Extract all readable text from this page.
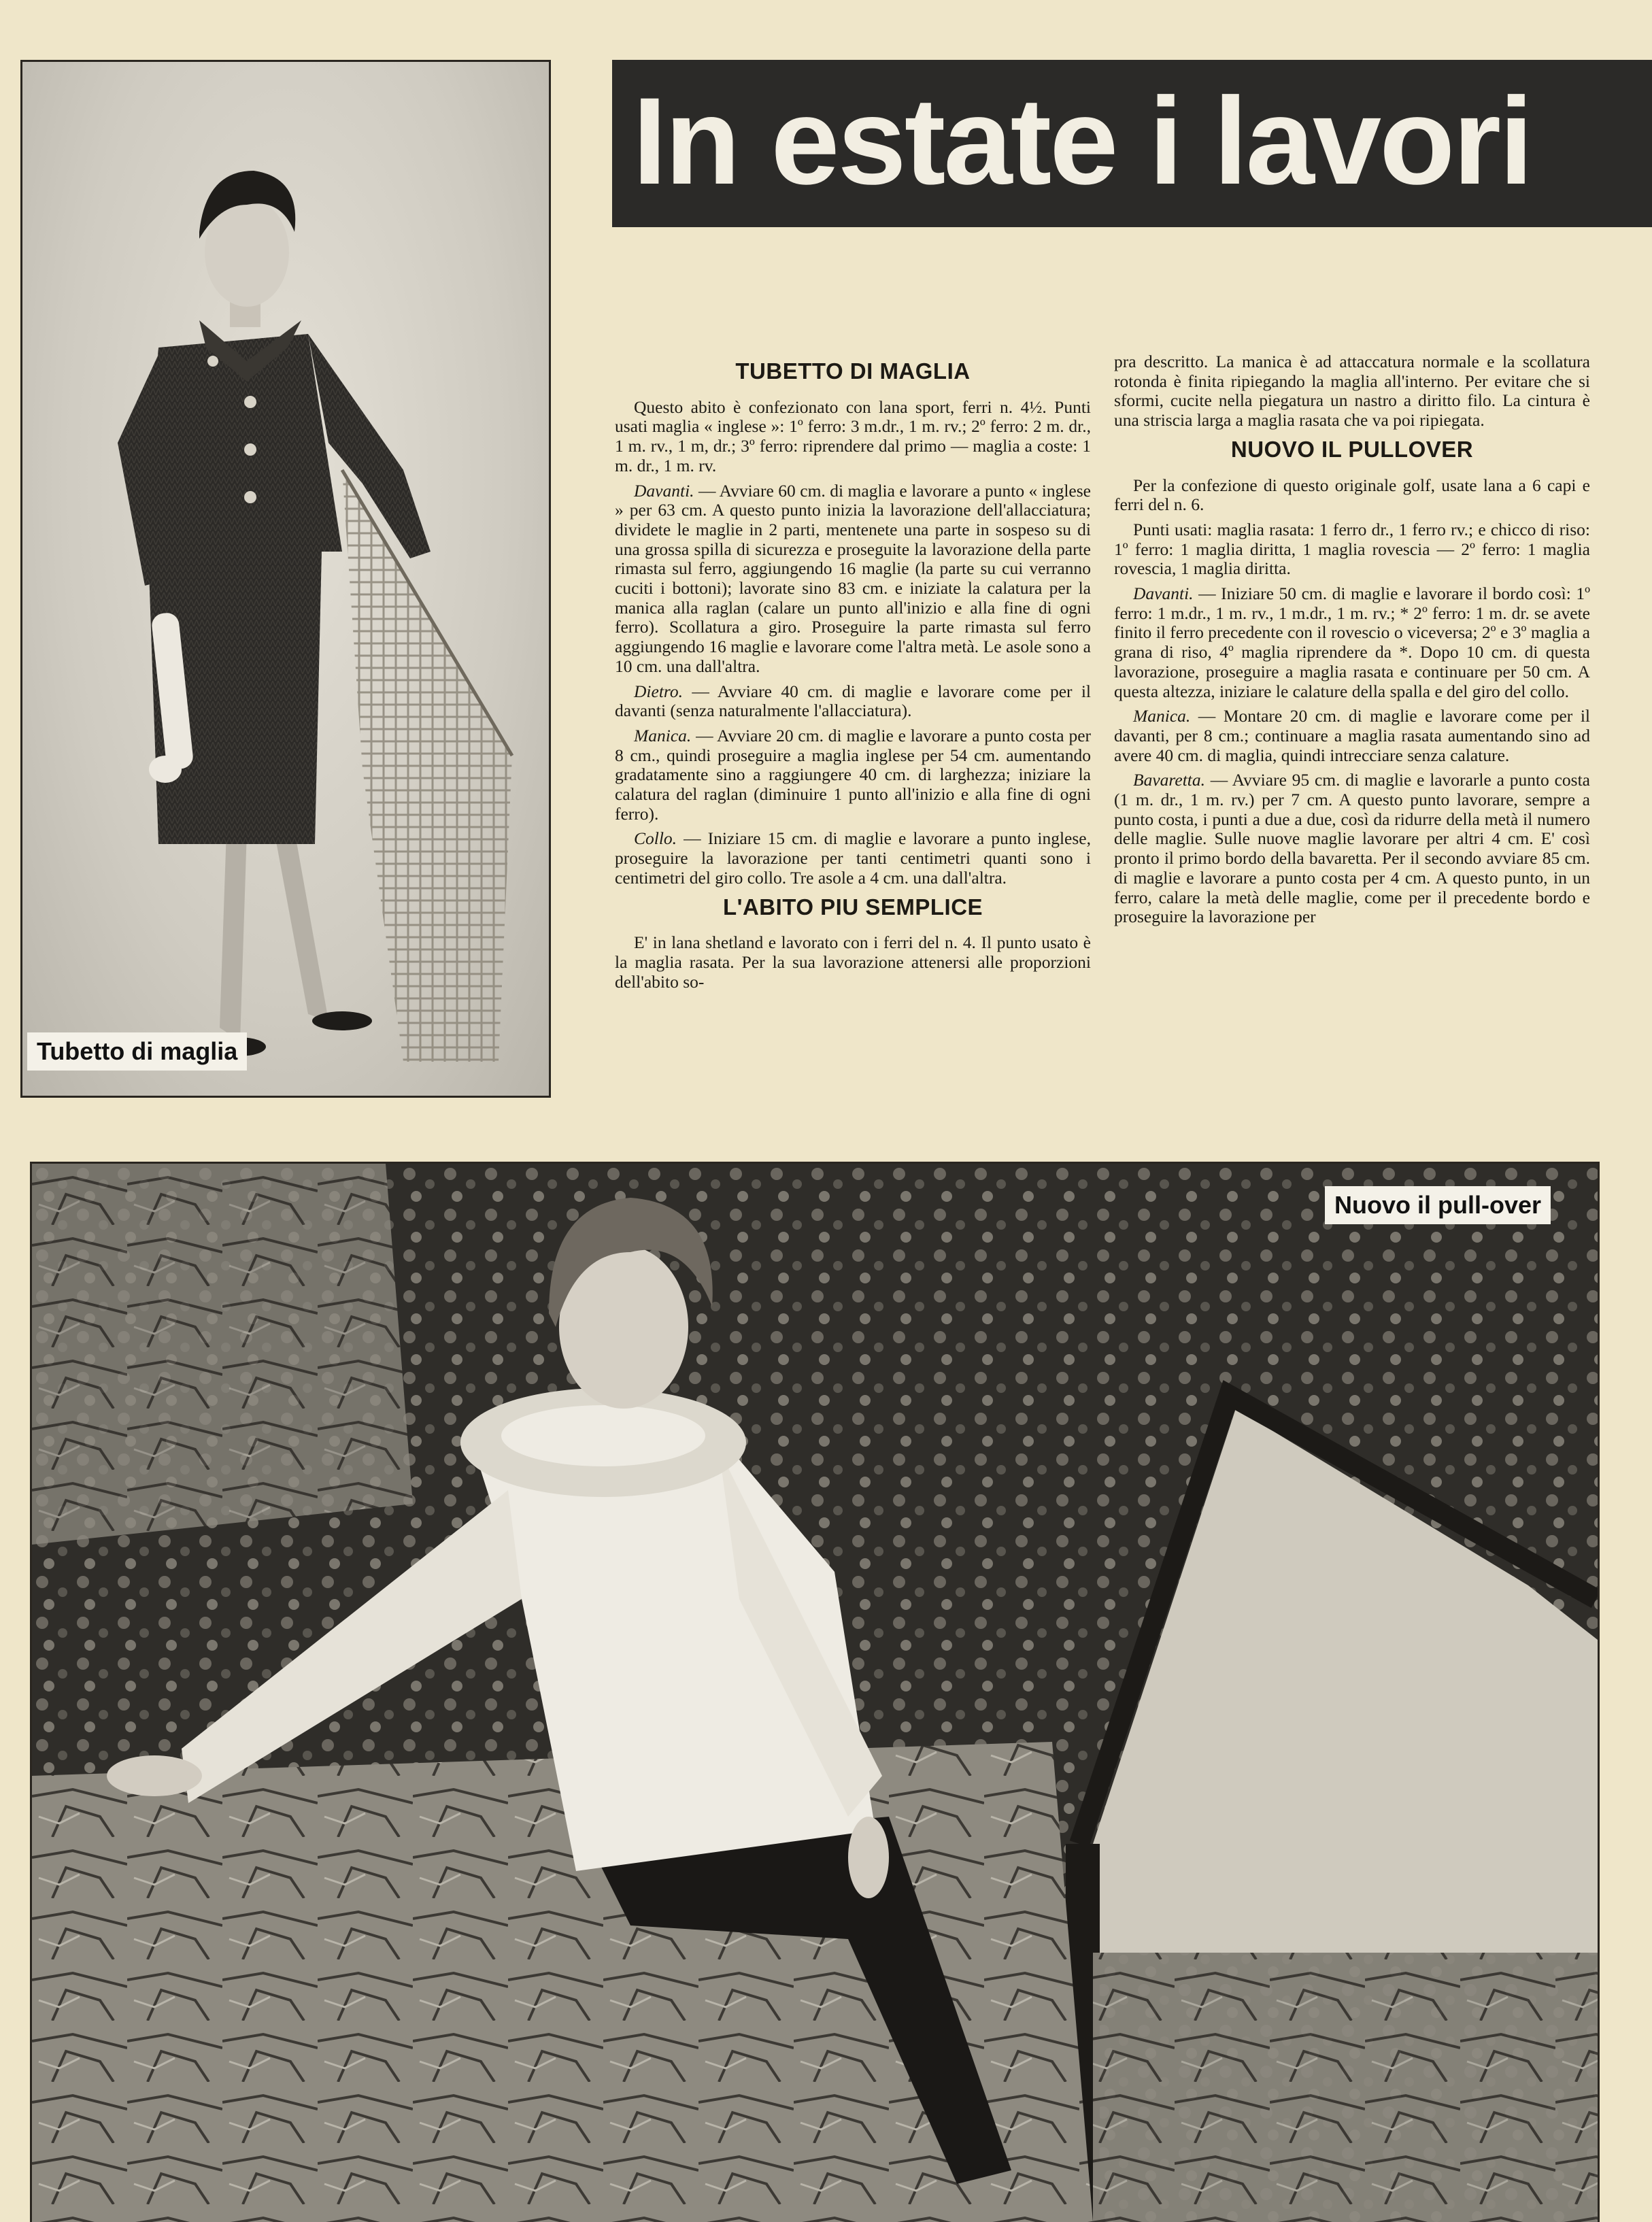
Tubetto di maglia
In estate i lavori
TUBETTO DI MAGLIA

Questo abito è confezionato con lana sport, ferri n. 4½. Punti usati maglia « inglese »: 1º ferro: 3 m.dr., 1 m. rv.; 2º ferro: 2 m. dr., 1 m. rv., 1 m, dr.; 3º ferro: riprendere dal primo — maglia a coste: 1 m. dr., 1 m. rv.

Davanti. — Avviare 60 cm. di maglia e lavorare a punto « inglese » per 63 cm. A questo punto inizia la lavorazione dell'allacciatura; dividete le maglie in 2 parti, mentenete una parte in sospeso su di una grossa spilla di sicurezza e proseguite la lavorazione della parte rimasta sul ferro, aggiungendo 16 maglie (la parte su cui verranno cuciti i bottoni); lavorate sino 83 cm. e iniziate la calatura per la manica alla raglan (calare un punto all'inizio e alla fine di ogni ferro). Scollatura a giro. Proseguire la parte rimasta sul ferro aggiungendo 16 maglie e lavorare come l'altra metà. Le asole sono a 10 cm. una dall'altra.

Dietro. — Avviare 40 cm. di maglie e lavorare come per il davanti (senza naturalmente l'allacciatura).

Manica. — Avviare 20 cm. di maglie e lavorare a punto costa per 8 cm., quindi proseguire a maglia inglese per 54 cm. aumentando gradatamente sino a raggiungere 40 cm. di larghezza; iniziare la calatura del raglan (diminuire 1 punto all'inizio e alla fine di ogni ferro).

Collo. — Iniziare 15 cm. di maglie e lavorare a punto inglese, proseguire la lavorazione per tanti centimetri quanti sono i centimetri del giro collo. Tre asole a 4 cm. una dall'altra.

L'ABITO PIU SEMPLICE

E' in lana shetland e lavorato con i ferri del n. 4. Il punto usato è la maglia rasata. Per la sua lavorazione attenersi alle proporzioni dell'abito so-

pra descritto. La manica è ad attaccatura normale e la scollatura rotonda è finita ripiegando la maglia all'interno. Per evitare che si sformi, cucite nella piegatura un nastro a diritto filo. La cintura è una striscia larga a maglia rasata che va poi ripiegata.

NUOVO IL PULLOVER

Per la confezione di questo originale golf, usate lana a 6 capi e ferri del n. 6.

Punti usati: maglia rasata: 1 ferro dr., 1 ferro rv.; e chicco di riso: 1º ferro: 1 maglia diritta, 1 maglia rovescia — 2º ferro: 1 maglia rovescia, 1 maglia diritta.

Davanti. — Iniziare 50 cm. di maglie e lavorare il bordo così: 1º ferro: 1 m.dr., 1 m. rv., 1 m.dr., 1 m. rv.; * 2º ferro: 1 m. dr. se avete finito il ferro precedente con il rovescio o viceversa; 2º e 3º maglia a grana di riso, 4º maglia riprendere da *. Dopo 10 cm. di questa lavorazione, proseguire a maglia rasata e continuare per 50 cm. A questa altezza, iniziare le calature della spalla e del giro del collo.

Manica. — Montare 20 cm. di maglie e lavorare come per il davanti, per 8 cm.; continuare a maglia rasata aumentando sino ad avere 40 cm. di maglia, quindi intrecciare senza calature.

Bavaretta. — Avviare 95 cm. di maglie e lavorarle a punto costa (1 m. dr., 1 m. rv.) per 7 cm. A questo punto lavorare, sempre a punto costa, i punti a due a due, così da ridurre della metà il numero delle maglie. Sulle nuove maglie lavorare per altri 4 cm. E' così pronto il primo bordo della bavaretta. Per il secondo avviare 85 cm. di maglie e lavorare a punto costa per 4 cm. A questo punto, in un ferro, calare la metà delle maglie, come per il precedente bordo e proseguire la lavorazione per

Nuovo il pull-over
